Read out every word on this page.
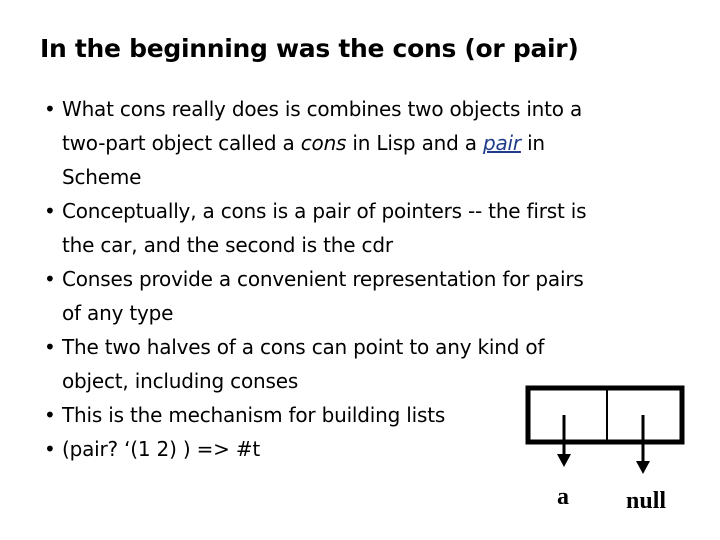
In the beginning was the cons (or pair)
• What cons really does is combines two objects into a
two-part object called a cons in Lisp and a pair in
Scheme
• Conceptually, a cons is a pair of pointers -- the first is
the car, and the second is the cdr
• Conses provide a convenient representation for pairs
of any type
• The two halves of a cons can point to any kind of
object, including conses
• This is the mechanism for building lists
• (pair? ‘(1 2) ) => #t
a null
